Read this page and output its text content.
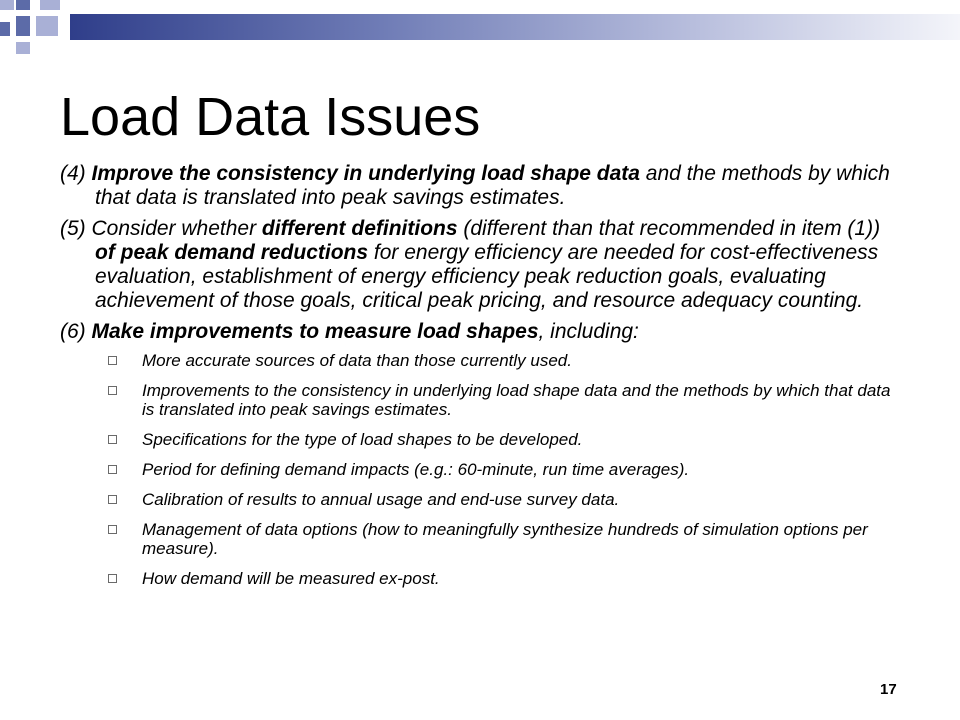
Load Data Issues

(4) Improve the consistency in underlying load shape data and the methods by which that data is translated into peak savings estimates.

(5) Consider whether different definitions (different than that recommended in item (1)) of peak demand reductions for energy efficiency are needed for cost-effectiveness evaluation, establishment of energy efficiency peak reduction goals, evaluating achievement of those goals, critical peak pricing, and resource adequacy counting.

(6) Make improvements to measure load shapes, including:

More accurate sources of data than those currently used.
Improvements to the consistency in underlying load shape data and the methods by which that data is translated into peak savings estimates.
Specifications for the type of load shapes to be developed.
Period for defining demand impacts (e.g.: 60-minute, run time averages).
Calibration of results to annual usage and end-use survey data.
Management of data options (how to meaningfully synthesize hundreds of simulation options per measure).
How demand will be measured ex-post.
17
